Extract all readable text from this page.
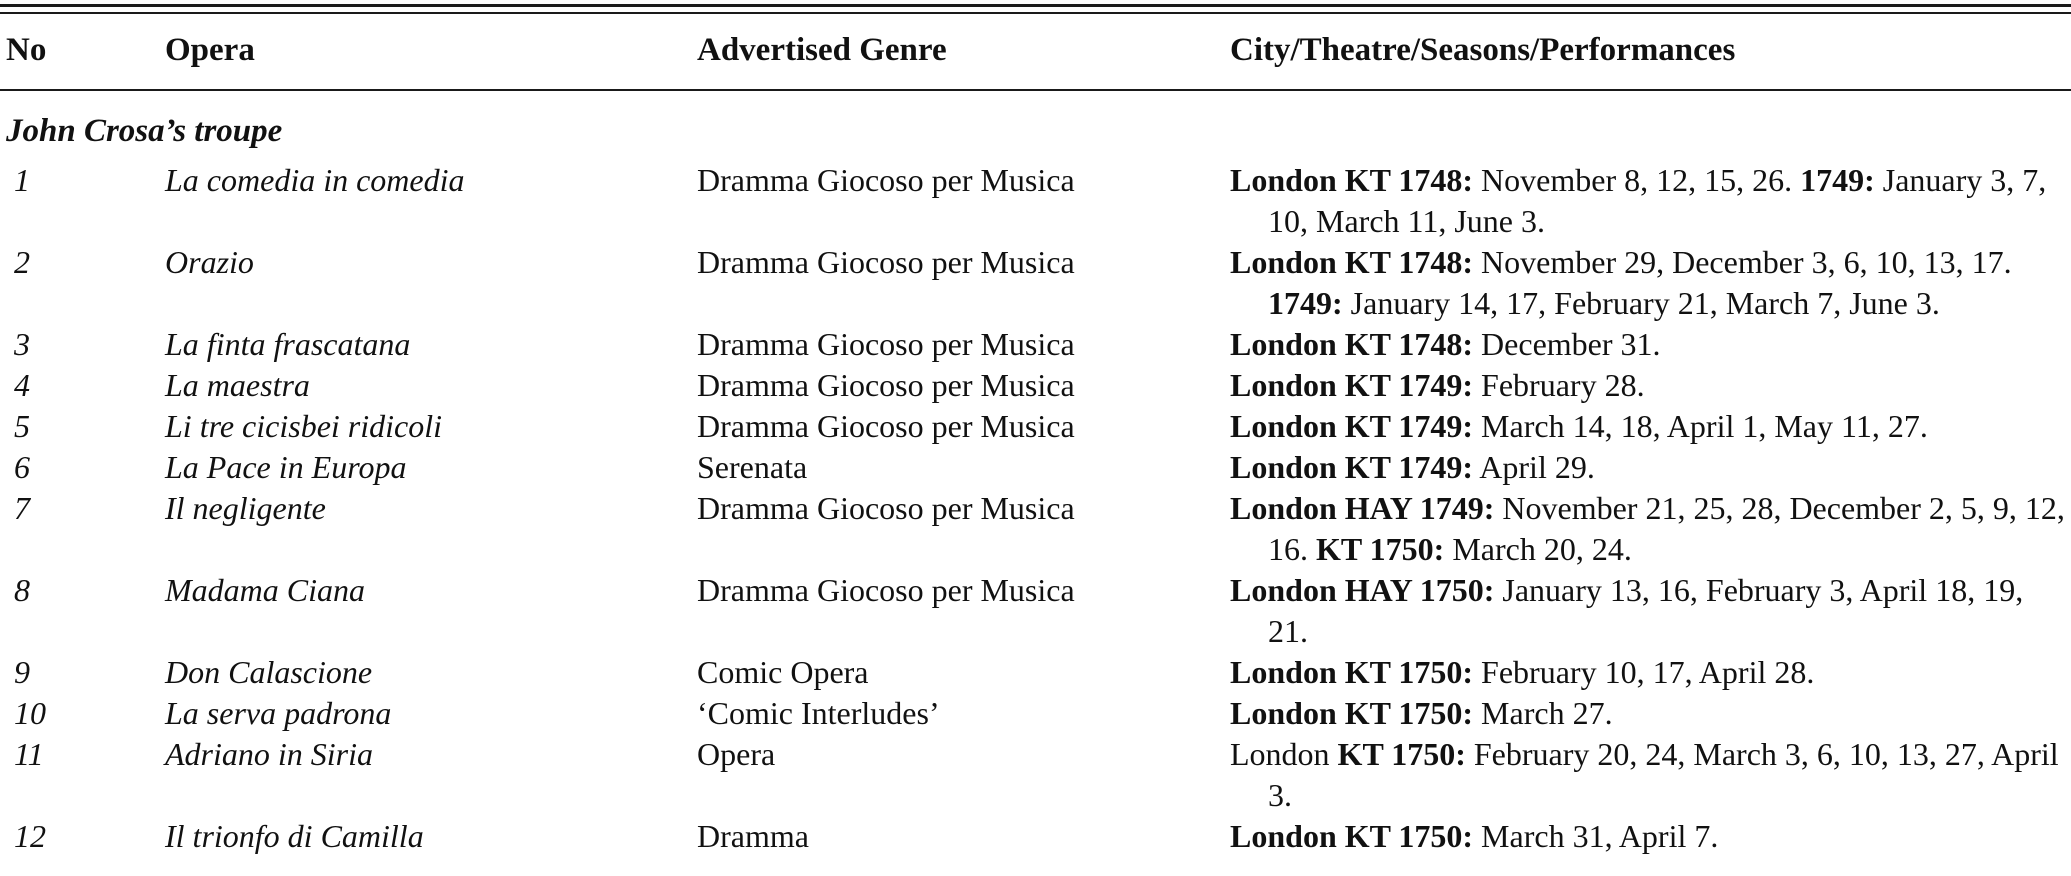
No	Opera	Advertised Genre	City/Theatre/Seasons/Performances
John Crosa’s troupe
1	La comedia in comedia	Dramma Giocoso per Musica	London KT 1748: November 8, 12, 15, 26. 1749: January 3, 7, 10, March 11, June 3.
2	Orazio	Dramma Giocoso per Musica	London KT 1748: November 29, December 3, 6, 10, 13, 17. 1749: January 14, 17, February 21, March 7, June 3.
3	La finta frascatana	Dramma Giocoso per Musica	London KT 1748: December 31.
4	La maestra	Dramma Giocoso per Musica	London KT 1749: February 28.
5	Li tre cicisbei ridicoli	Dramma Giocoso per Musica	London KT 1749: March 14, 18, April 1, May 11, 27.
6	La Pace in Europa	Serenata	London KT 1749: April 29.
7	Il negligente	Dramma Giocoso per Musica	London HAY 1749: November 21, 25, 28, December 2, 5, 9, 12, 16. KT 1750: March 20, 24.
8	Madama Ciana	Dramma Giocoso per Musica	London HAY 1750: January 13, 16, February 3, April 18, 19, 21.
9	Don Calascione	Comic Opera	London KT 1750: February 10, 17, April 28.
10	La serva padrona	‘Comic Interludes’	London KT 1750: March 27.
11	Adriano in Siria	Opera	London KT 1750: February 20, 24, March 3, 6, 10, 13, 27, April 3.
12	Il trionfo di Camilla	Dramma	London KT 1750: March 31, April 7.
